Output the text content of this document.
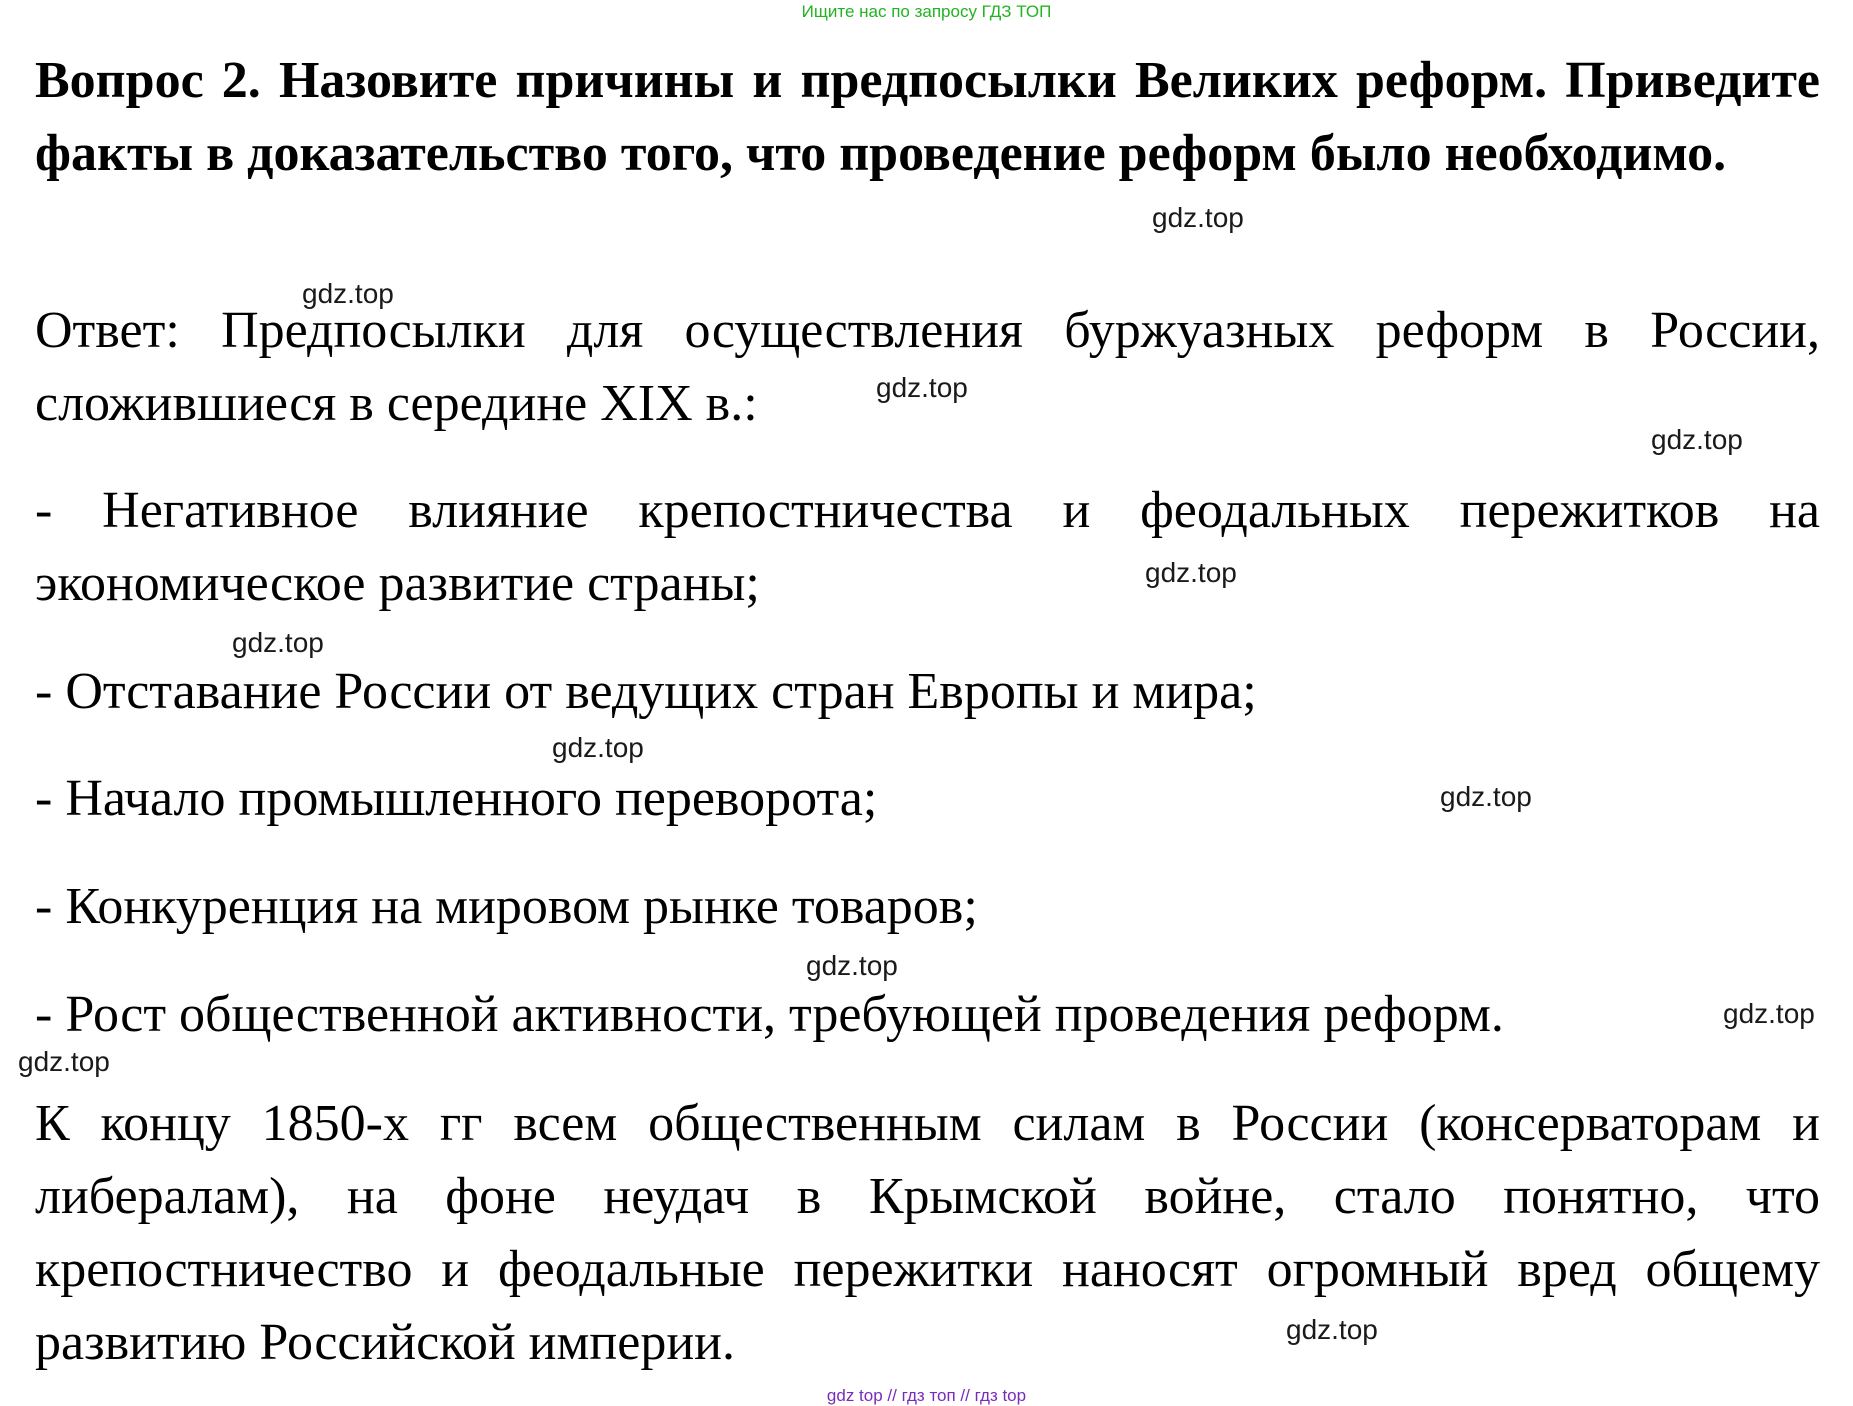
Ищите нас по запросу ГДЗ ТОП
Вопрос 2. Назовите причины и предпосылки Великих реформ. Приведите факты в доказательство того, что проведение реформ было необходимо.

Ответ: Предпосылки для осуществления буржуазных реформ в России, сложившиеся в середине XIX в.:

- Негативное влияние крепостничества и феодальных пережитков на экономическое развитие страны;

- Отставание России от ведущих стран Европы и мира;

- Начало промышленного переворота;

- Конкуренция на мировом рынке товаров;

- Рост общественной активности, требующей проведения реформ.

К концу 1850-х гг всем общественным силам в России (консерваторам и либералам), на фоне неудач в Крымской войне, стало понятно, что крепостничество и феодальные пережитки наносят огромный вред общему развитию Российской империи.

gdz.top
gdz.top
gdz.top
gdz.top
gdz.top
gdz.top
gdz.top
gdz.top
gdz.top
gdz.top
gdz.top
gdz.top
gdz top // гдз топ // гдз top
